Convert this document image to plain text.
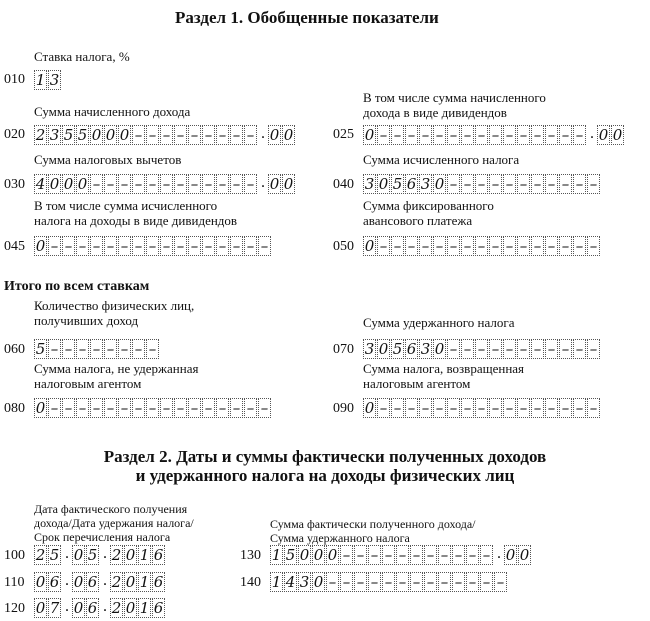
Раздел 1. Обобщенные показатели
Ставка налога, %
010 1 3
Сумма начисленного дохода
020 2 3 5 5 0 0 0 – – – – – – – – – . 0 0
В том числе сумма начисленного
дохода в виде дивидендов
025 0 – – – – – – – – – – – – – – – . 0 0
Сумма налоговых вычетов
030 4 0 0 0 – – – – – – – – – – – – . 0 0
Сумма исчисленного налога
040 3 0 5 6 3 0 – – – – – – – – – – –
В том числе сумма исчисленного
налога на доходы в виде дивидендов
045 0 – – – – – – – – – – – – – – – –
Сумма фиксированного
авансового платежа
050 0 – – – – – – – – – – – – – – – –
Итого по всем ставкам
Количество физических лиц,
получивших доход
060 5 – – – – – – – –
Сумма удержанного налога
070 3 0 5 6 3 0 – – – – – – – – – – –
Сумма налога, не удержанная
налоговым агентом
080 0 – – – – – – – – – – – – – – – –
Сумма налога, возвращенная
налоговым агентом
090 0 – – – – – – – – – – – – – – – –
Раздел 2. Даты и суммы фактически полученных доходов
и удержанного налога на доходы физических лиц
Дата фактического получения
дохода/Дата удержания налога/
Срок перечисления налога
Сумма фактически полученного дохода/
Сумма удержанного налога
100 2 5 . 0 5 . 2 0 1 6
110 0 6 . 0 6 . 2 0 1 6
120 0 7 . 0 6 . 2 0 1 6
130 1 5 0 0 0 – – – – – – – – – – – . 0 0
140 1 4 3 0 – – – – – – – – – – – – –
